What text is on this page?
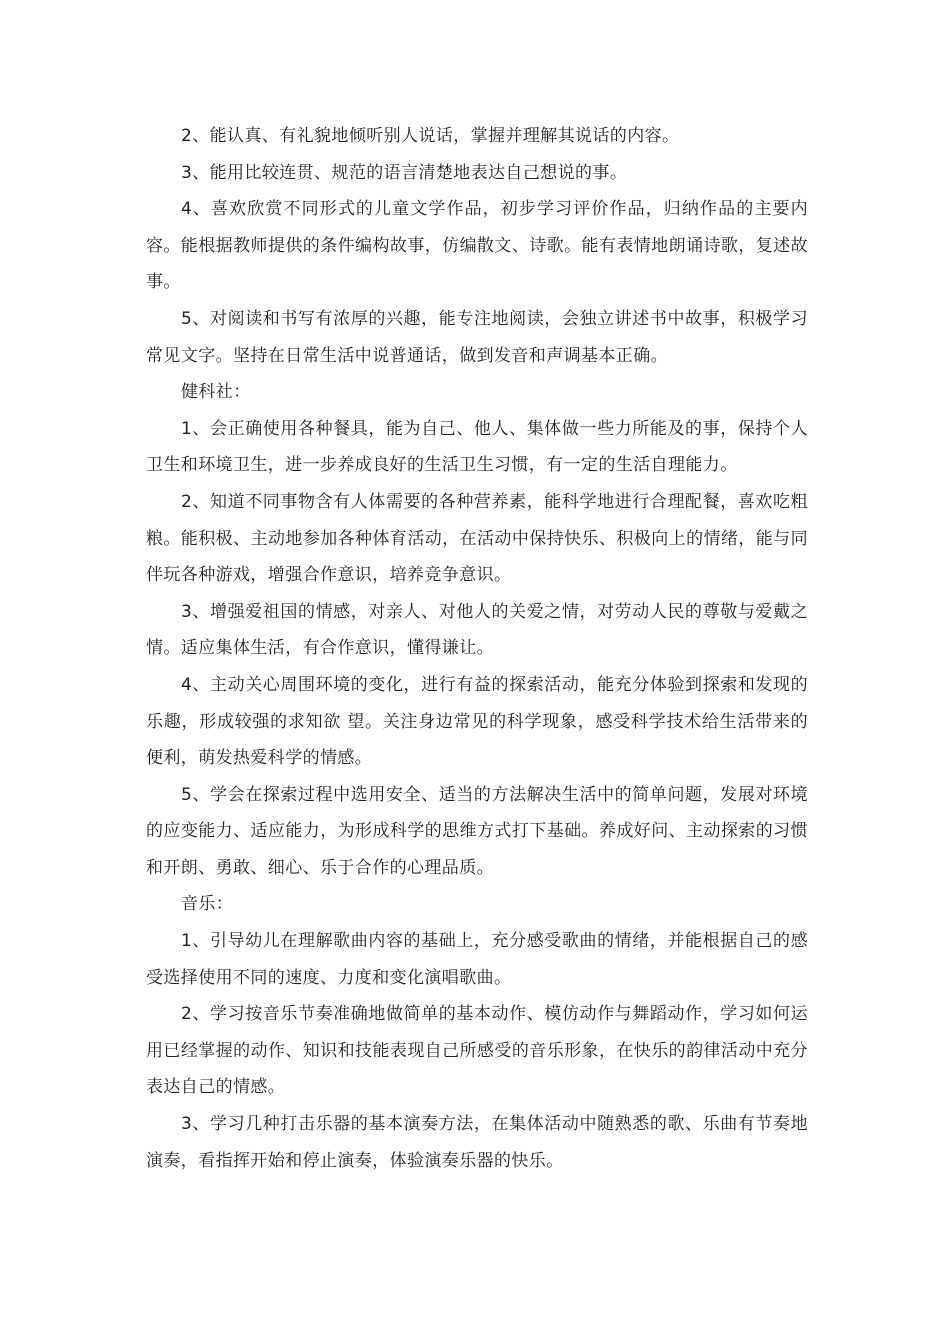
2、能认真、有礼貌地倾听别人说话，掌握并理解其说话的内容。

3、能用比较连贯、规范的语言清楚地表达自己想说的事。

4、喜欢欣赏不同形式的儿童文学作品，初步学习评价作品，归纳作品的主要内容。能根据教师提供的条件编构故事，仿编散文、诗歌。能有表情地朗诵诗歌，复述故事。

5、对阅读和书写有浓厚的兴趣，能专注地阅读，会独立讲述书中故事，积极学习常见文字。坚持在日常生活中说普通话，做到发音和声调基本正确。

健科社：

1、会正确使用各种餐具，能为自己、他人、集体做一些力所能及的事，保持个人卫生和环境卫生，进一步养成良好的生活卫生习惯，有一定的生活自理能力。

2、知道不同事物含有人体需要的各种营养素，能科学地进行合理配餐，喜欢吃粗粮。能积极、主动地参加各种体育活动，在活动中保持快乐、积极向上的情绪，能与同伴玩各种游戏，增强合作意识，培养竞争意识。

3、增强爱祖国的情感，对亲人、对他人的关爱之情，对劳动人民的尊敬与爱戴之情。适应集体生活，有合作意识，懂得谦让。

4、主动关心周围环境的变化，进行有益的探索活动，能充分体验到探索和发现的乐趣，形成较强的求知欲 望。关注身边常见的科学现象，感受科学技术给生活带来的便利，萌发热爱科学的情感。

5、学会在探索过程中选用安全、适当的方法解决生活中的简单问题，发展对环境的应变能力、适应能力，为形成科学的思维方式打下基础。养成好问、主动探索的习惯和开朗、勇敢、细心、乐于合作的心理品质。

音乐：

1、引导幼儿在理解歌曲内容的基础上，充分感受歌曲的情绪，并能根据自己的感受选择使用不同的速度、力度和变化演唱歌曲。

2、学习按音乐节奏准确地做简单的基本动作、模仿动作与舞蹈动作，学习如何运用已经掌握的动作、知识和技能表现自己所感受的音乐形象，在快乐的韵律活动中充分表达自己的情感。

3、学习几种打击乐器的基本演奏方法，在集体活动中随熟悉的歌、乐曲有节奏地演奏，看指挥开始和停止演奏，体验演奏乐器的快乐。
